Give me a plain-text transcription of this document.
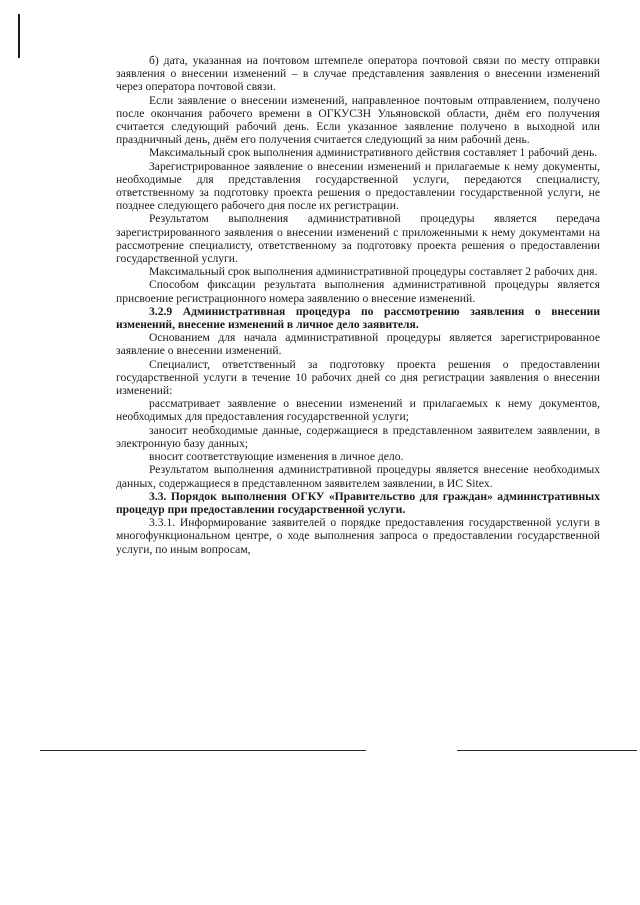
б) дата, указанная на почтовом штемпеле оператора почтовой связи по месту отправки заявления о внесении изменений – в случае представления заявления о внесении изменений через оператора почтовой связи.

Если заявление о внесении изменений, направленное почтовым отправлением, получено после окончания рабочего времени в ОГКУСЗН Ульяновской области, днём его получения считается следующий рабочий день. Если указанное заявление получено в выходной или праздничный день, днём его получения считается следующий за ним рабочий день.

Максимальный срок выполнения административного действия составляет 1 рабочий день.

Зарегистрированное заявление о внесении изменений и прилагаемые к нему документы, необходимые для представления государственной услуги, передаются специалисту, ответственному за подготовку проекта решения о предоставлении государственной услуги, не позднее следующего рабочего дня после их регистрации.

Результатом выполнения административной процедуры является передача зарегистрированного заявления о внесении изменений с приложенными к нему документами на рассмотрение специалисту, ответственному за подготовку проекта решения о предоставлении государственной услуги.

Максимальный срок выполнения административной процедуры составляет 2 рабочих дня.

Способом фиксации результата выполнения административной процедуры является присвоение регистрационного номера заявлению о внесение изменений.

3.2.9 Административная процедура по рассмотрению заявления о внесении изменений, внесение изменений в личное дело заявителя.

Основанием для начала административной процедуры является зарегистрированное заявление о внесении изменений.

Специалист, ответственный за подготовку проекта решения о предоставлении государственной услуги в течение 10 рабочих дней со дня регистрации заявления о внесении изменений:

рассматривает заявление о внесении изменений и прилагаемых к нему документов, необходимых для предоставления государственной услуги;

заносит необходимые данные, содержащиеся в представленном заявителем заявлении, в электронную базу данных;

вносит соответствующие изменения в личное дело.

Результатом выполнения административной процедуры является внесение необходимых данных, содержащиеся в представленном заявителем заявлении, в ИС Sitex.

3.3. Порядок выполнения ОГКУ «Правительство для граждан» административных процедур при предоставлении государственной услуги.

3.3.1. Информирование заявителей о порядке предоставления государственной услуги в многофункциональном центре, о ходе выполнения запроса о предоставлении государственной услуги, по иным вопросам,
